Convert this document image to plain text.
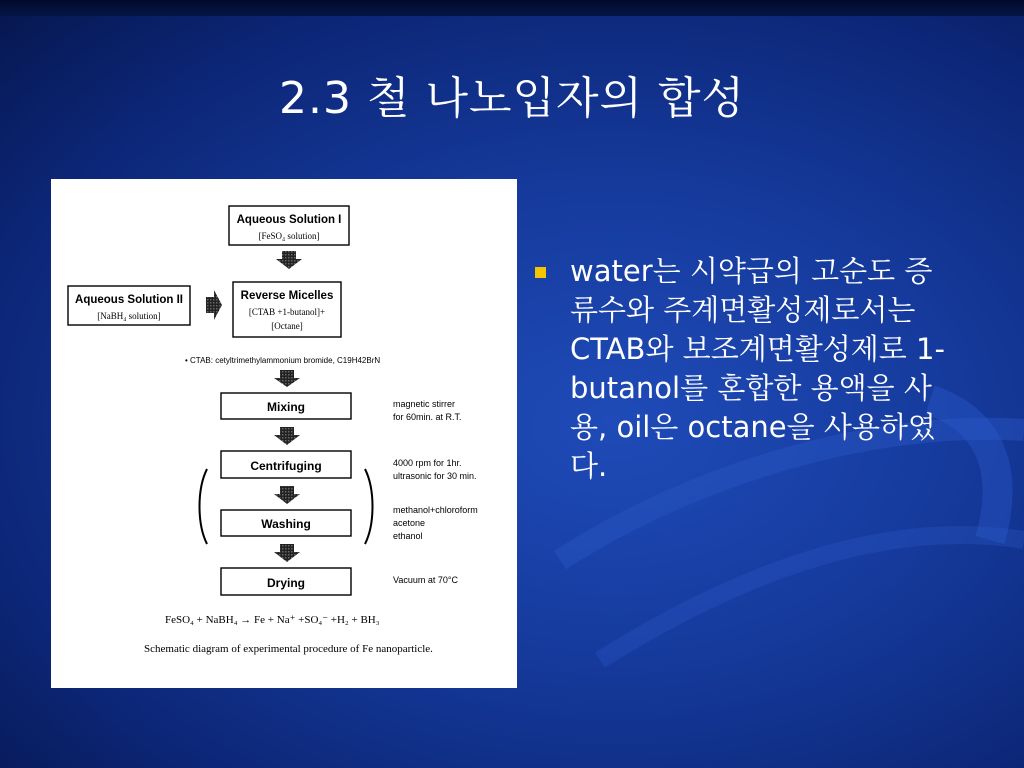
2.3 철 나노입자의 합성
Aqueous Solution I
[FeSO₄ solution]
Aqueous Solution II
[NaBH₄ solution]
Reverse Micelles
[CTAB +1-butanol]+
[Octane]
• CTAB: cetyltrimethylammonium bromide, C19H42BrN
Mixing	magnetic stirrer
for 60min. at R.T.
Centrifuging	4000 rpm for 1hr.
ultrasonic for 30 min.
Washing
methanol+chloroform
acetone
ethanol
Drying	Vacuum at 70°C
FeSO₄ + NaBH₄ → Fe + Na⁺ +SO₄⁻ +H₂ + BH₃
Schematic diagram of experimental procedure of Fe nanoparticle.
water는 시약급의 고순도 증류수와 주계면활성제로서는 CTAB와 보조계면활성제로 1-butanol를 혼합한 용액을 사용, oil은 octane을 사용하였다.
